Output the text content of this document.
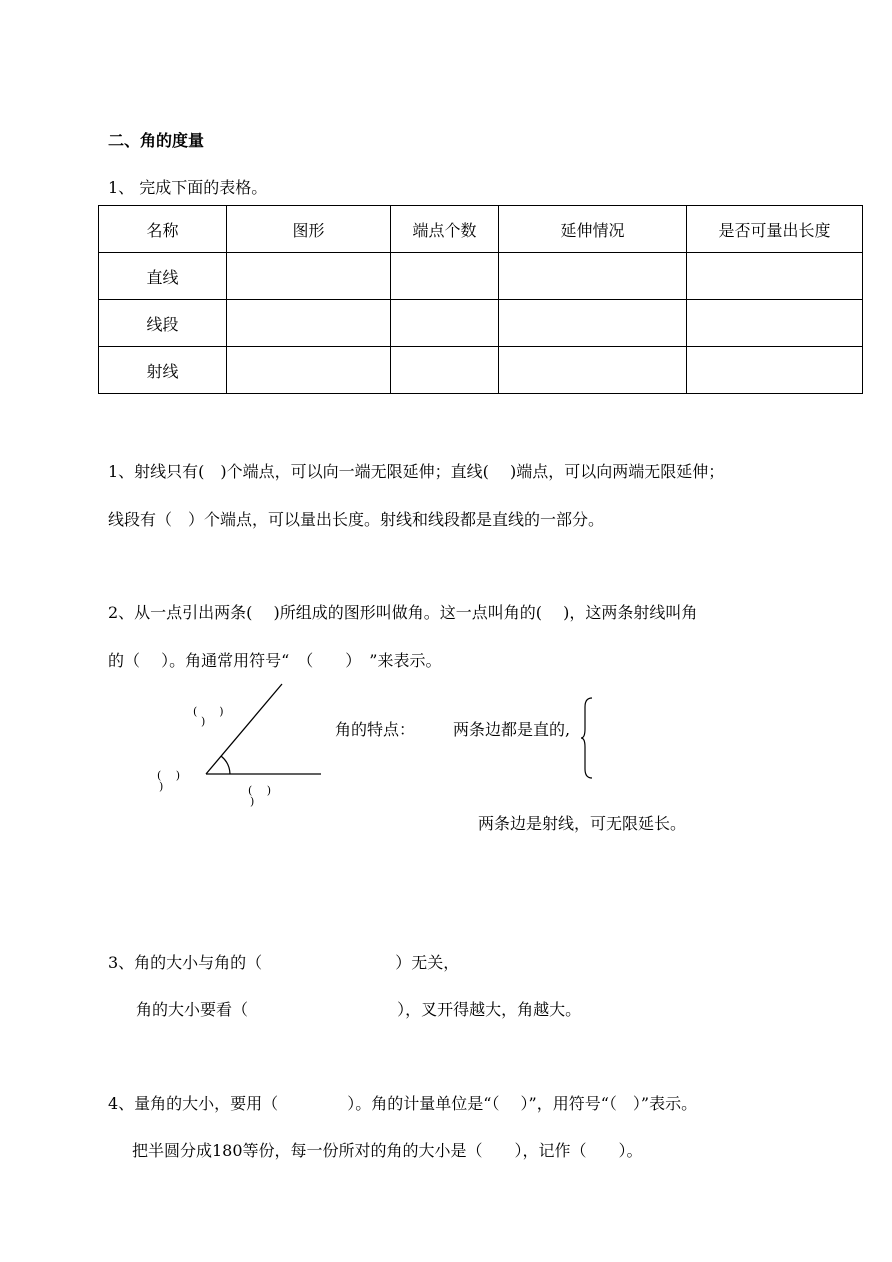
二、角的度量
1、 完成下面的表格。
名称	图形	端点个数	延伸情况	是否可量出长度
直线				
线段				
射线				
1、射线只有(　)个端点，可以向一端无限延伸；直线(　 )端点，可以向两端无限延伸；
线段有（　）个端点，可以量出长度。射线和线段都是直线的一部分。
2、从一点引出两条(　 )所组成的图形叫做角。这一点叫角的(　 )，这两条射线叫角
的（　 ）。角通常用符号“　（　　）　”来表示。
(　　)
)
(　 )
)	(　 )
)
角的特点： 两条边都是直的,
两条边是射线，可无限延长。
3、角的大小与角的（　　　　　　　　 ）无关，
角的大小要看（　　　　　　　　　 ），叉开得越大，角越大。
4、量角的大小，要用（　　　　 ）。角的计量单位是“（　 ）”，用符号“（　）”表示。
把半圆分成180等份，每一份所对的角的大小是（　　），记作（　　）。
